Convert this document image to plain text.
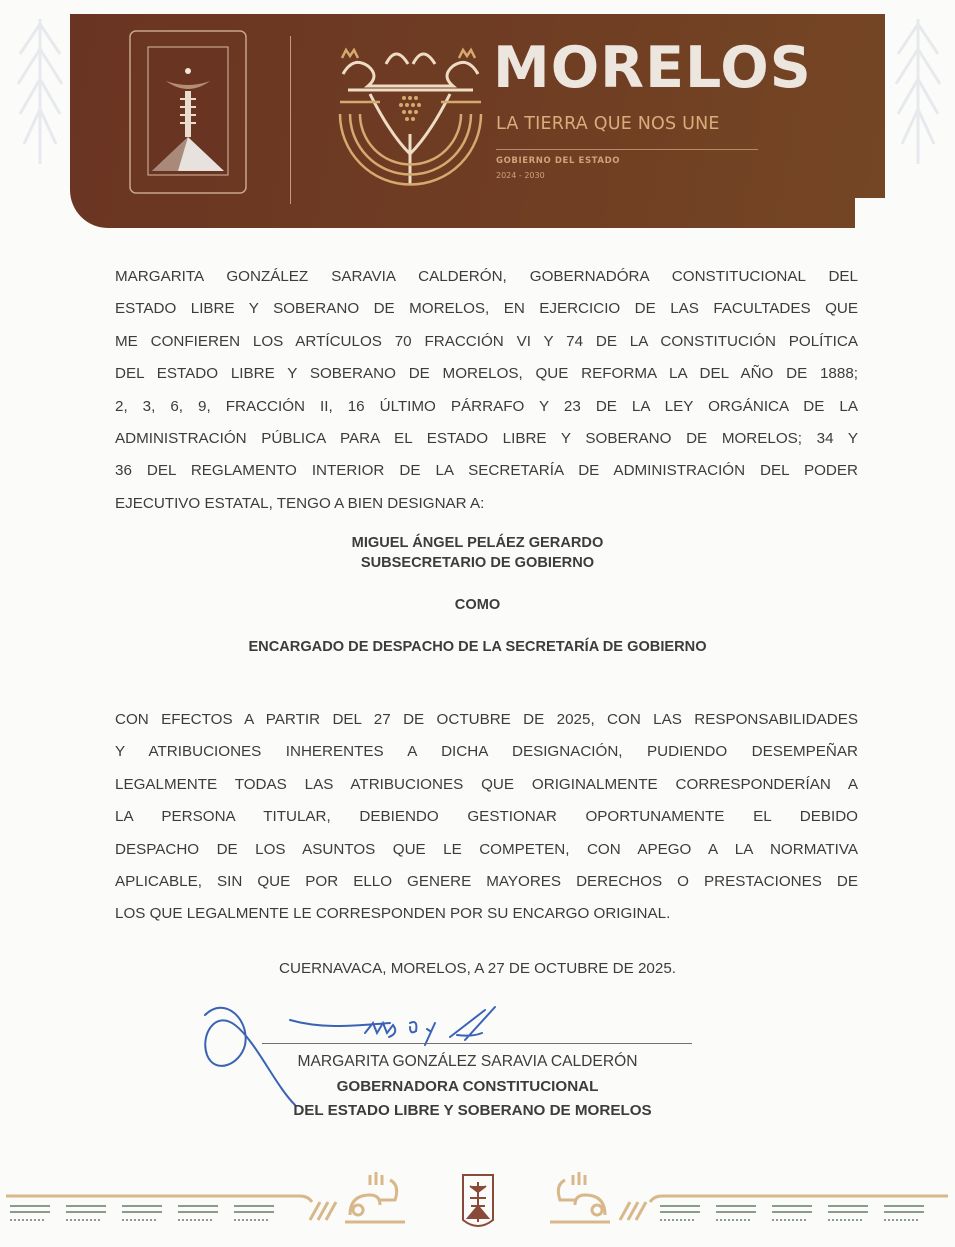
MORELOS
LA TIERRA QUE NOS UNE
GOBIERNO DEL ESTADO
2024 - 2030
MARGARITA GONZÁLEZ SARAVIA CALDERÓN, GOBERNADÓRA CONSTITUCIONAL DEL
ESTADO LIBRE Y SOBERANO DE MORELOS, EN EJERCICIO DE LAS FACULTADES QUE
ME CONFIEREN LOS ARTÍCULOS 70 FRACCIÓN VI Y 74 DE LA CONSTITUCIÓN POLÍTICA
DEL ESTADO LIBRE Y SOBERANO DE MORELOS, QUE REFORMA LA DEL AÑO DE 1888;
2, 3, 6, 9, FRACCIÓN II, 16 ÚLTIMO PÁRRAFO Y 23 DE LA LEY ORGÁNICA DE LA
ADMINISTRACIÓN PÚBLICA PARA EL ESTADO LIBRE Y SOBERANO DE MORELOS; 34 Y
36 DEL REGLAMENTO INTERIOR DE LA SECRETARÍA DE ADMINISTRACIÓN DEL PODER
EJECUTIVO ESTATAL, TENGO A BIEN DESIGNAR A:
MIGUEL ÁNGEL PELÁEZ GERARDO
SUBSECRETARIO DE GOBIERNO
COMO
ENCARGADO DE DESPACHO DE LA SECRETARÍA DE GOBIERNO
CON EFECTOS A PARTIR DEL 27 DE OCTUBRE DE 2025, CON LAS RESPONSABILIDADES
Y ATRIBUCIONES INHERENTES A DICHA DESIGNACIÓN, PUDIENDO DESEMPEÑAR
LEGALMENTE TODAS LAS ATRIBUCIONES QUE ORIGINALMENTE CORRESPONDERÍAN A
LA PERSONA TITULAR, DEBIENDO GESTIONAR OPORTUNAMENTE EL DEBIDO
DESPACHO DE LOS ASUNTOS QUE LE COMPETEN, CON APEGO A LA NORMATIVA
APLICABLE, SIN QUE POR ELLO GENERE MAYORES DERECHOS O PRESTACIONES DE
LOS QUE LEGALMENTE LE CORRESPONDEN POR SU ENCARGO ORIGINAL.
CUERNAVACA, MORELOS, A 27 DE OCTUBRE DE 2025.
MARGARITA GONZÁLEZ SARAVIA CALDERÓN
GOBERNADORA CONSTITUCIONAL
DEL ESTADO LIBRE Y SOBERANO DE MORELOS
